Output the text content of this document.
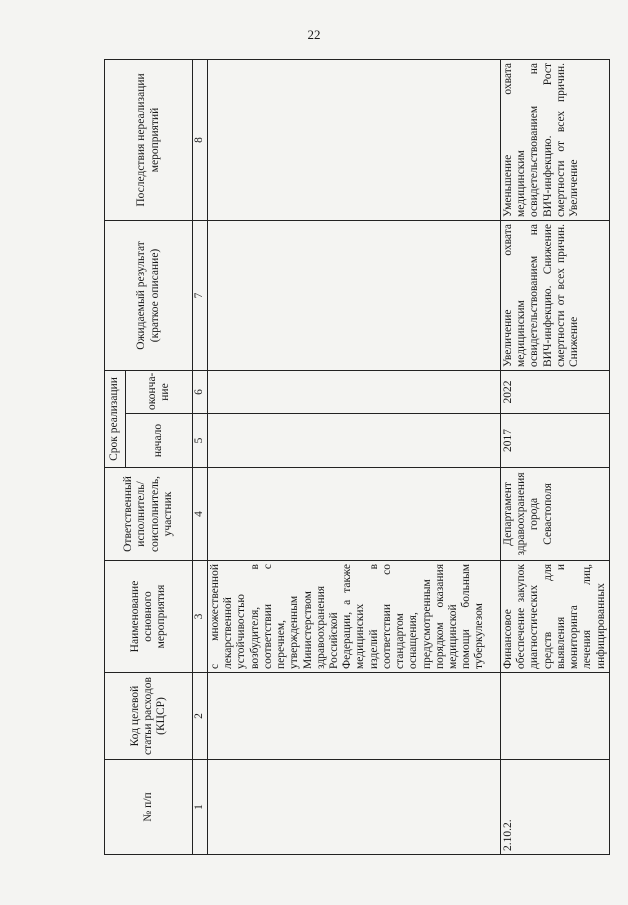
22
№ п/п	Код целевой статьи расходов (КЦСР)	Наименование основного мероприятия	Ответственный исполнитель/ соисполнитель, участник	Срок реализации		Ожидаемый результат (краткое описание)	Последствия нереализации мероприятий
				начало	оконча-ние		
1	2	3	4	5	6	7	8
		с множественной лекарственной устойчивостью возбудителя, в соответствии с перечнем, утвержденным Министерством здравоохранения Российской Федерации, а также медицинских изделий в соответствии со стандартом оснащения, предусмотренным порядком оказания медицинской помощи больным туберкулезом					
2.10.2.		Финансовое обеспечение закупок диагностических средств для выявления и мониторинга лечения лиц, инфицированных	Департамент здравоохранения города Севастополя	2017	2022	Увеличение охвата медицинским освидетельствованием на ВИЧ-инфекцию. Снижение смертности от всех причин. Снижение	Уменьшение охвата медицинским освидетельствованием на ВИЧ-инфекцию. Рост смертности от всех причин. Увеличение
